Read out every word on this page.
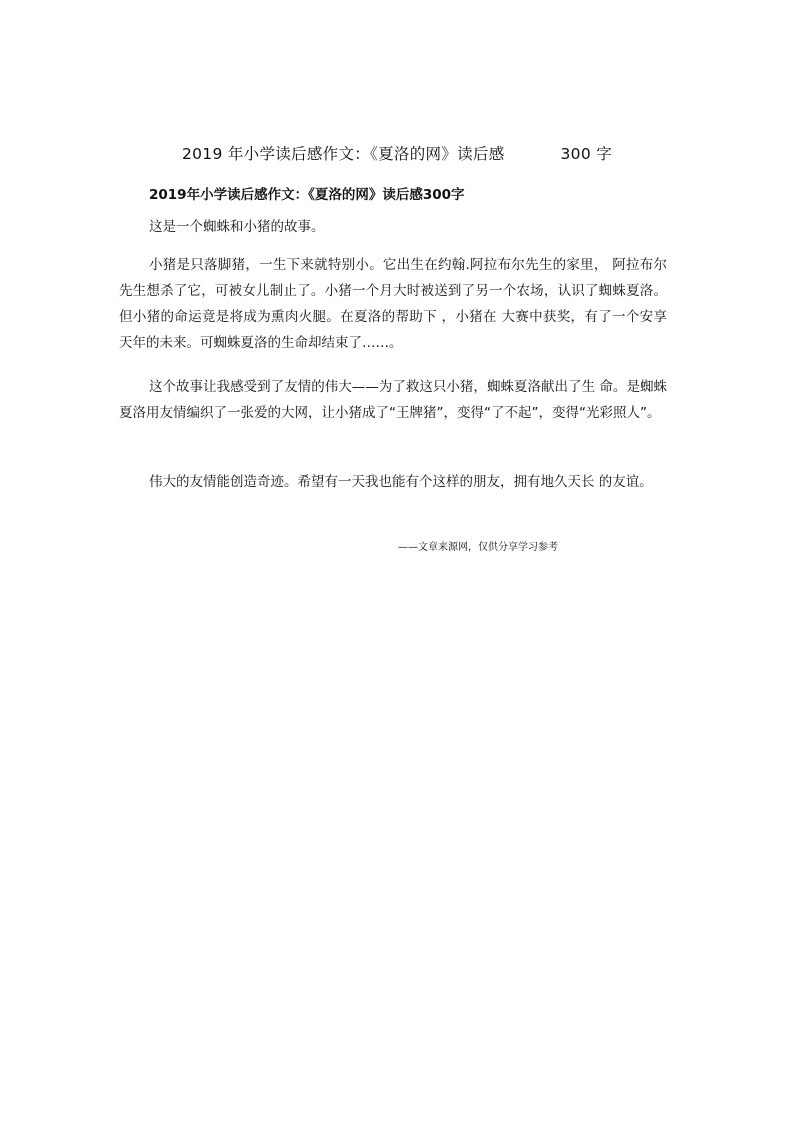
2019 年小学读后感作文：《夏洛的网》读后感	300 字
2019年小学读后感作文：《夏洛的网》读后感300字

这是一个蜘蛛和小猪的故事。

小猪是只落脚猪，一生下来就特别小。它出生在约翰.阿拉布尔先生的家里， 阿拉布尔先生想杀了它，可被女儿制止了。小猪一个月大时被送到了另一个农场，认识了蜘蛛夏洛。但小猪的命运竟是将成为熏肉火腿。在夏洛的帮助下 ，小猪在 大赛中获奖，有了一个安享天年的未来。可蜘蛛夏洛的生命却结束了……。

这个故事让我感受到了友情的伟大——为了救这只小猪，蜘蛛夏洛献出了生 命。是蜘蛛夏洛用友情编织了一张爱的大网，让小猪成了“王牌猪”，变得“了不起”，变得“光彩照人”。

伟大的友情能创造奇迹。希望有一天我也能有个这样的朋友，拥有地久天长 的友谊。

——文章来源网，仅供分享学习参考
